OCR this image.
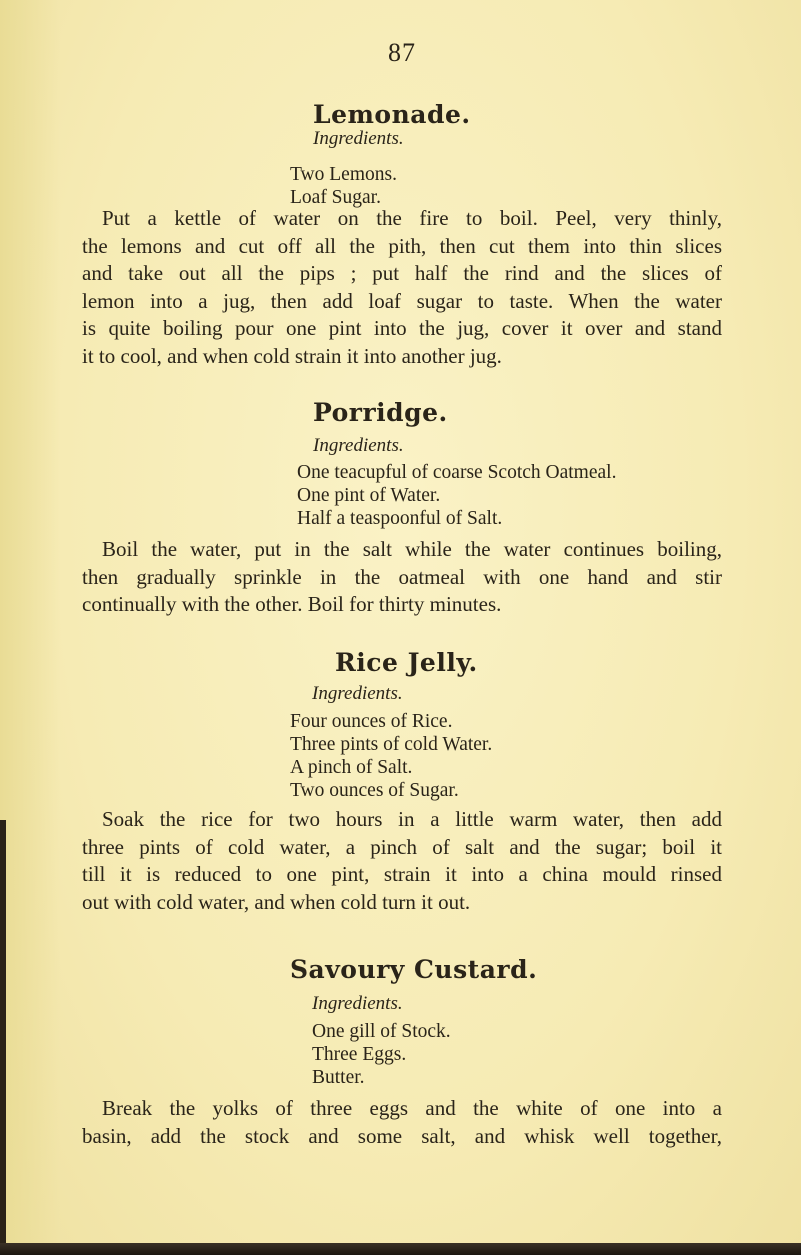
87
Lemonade.
Ingredients.
Two Lemons.
Loaf Sugar.
Put a kettle of water on the fire to boil. Peel, very thinly,
the lemons and cut off all the pith, then cut them into thin slices
and take out all the pips ; put half the rind and the slices of
lemon into a jug, then add loaf sugar to taste. When the water
is quite boiling pour one pint into the jug, cover it over and stand
it to cool, and when cold strain it into another jug.
Porridge.
Ingredients.
One teacupful of coarse Scotch Oatmeal.
One pint of Water.
Half a teaspoonful of Salt.
Boil the water, put in the salt while the water continues boiling,
then gradually sprinkle in the oatmeal with one hand and stir
continually with the other. Boil for thirty minutes.
Rice Jelly.
Ingredients.
Four ounces of Rice.
Three pints of cold Water.
A pinch of Salt.
Two ounces of Sugar.
Soak the rice for two hours in a little warm water, then add
three pints of cold water, a pinch of salt and the sugar; boil it
till it is reduced to one pint, strain it into a china mould rinsed
out with cold water, and when cold turn it out.
Savoury Custard.
Ingredients.
One gill of Stock.
Three Eggs.
Butter.
Break the yolks of three eggs and the white of one into a
basin, add the stock and some salt, and whisk well together,
